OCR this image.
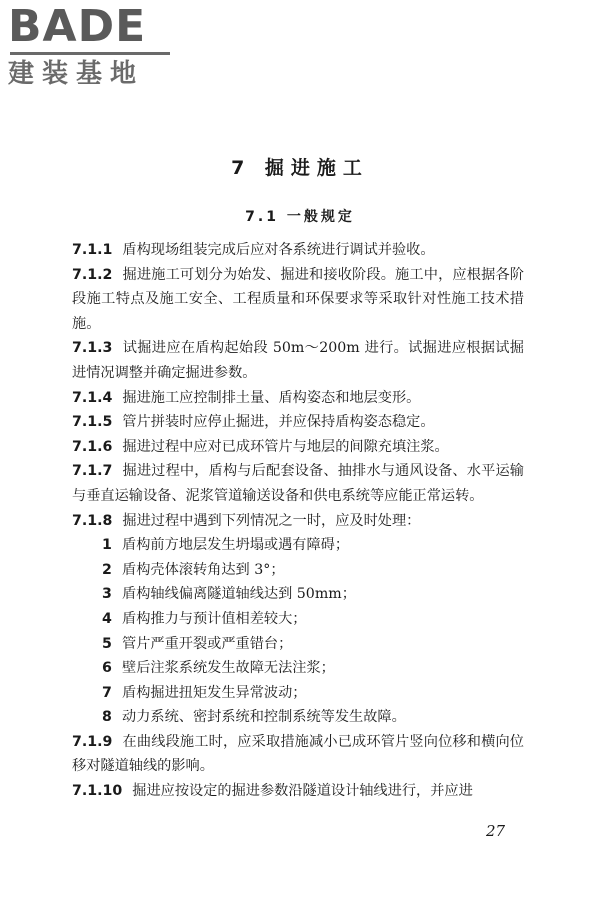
BADE
建装基地
7 掘进施工
7.1 一般规定

7.1.1 盾构现场组装完成后应对各系统进行调试并验收。

7.1.2 掘进施工可划分为始发、掘进和接收阶段。施工中，应根据各阶段施工特点及施工安全、工程质量和环保要求等采取针对性施工技术措施。

7.1.3 试掘进应在盾构起始段 50m～200m 进行。试掘进应根据试掘进情况调整并确定掘进参数。

7.1.4 掘进施工应控制排土量、盾构姿态和地层变形。

7.1.5 管片拼装时应停止掘进，并应保持盾构姿态稳定。

7.1.6 掘进过程中应对已成环管片与地层的间隙充填注浆。

7.1.7 掘进过程中，盾构与后配套设备、抽排水与通风设备、水平运输与垂直运输设备、泥浆管道输送设备和供电系统等应能正常运转。

7.1.8 掘进过程中遇到下列情况之一时，应及时处理：

1 盾构前方地层发生坍塌或遇有障碍；

2 盾构壳体滚转角达到 3°；

3 盾构轴线偏离隧道轴线达到 50mm；

4 盾构推力与预计值相差较大；

5 管片严重开裂或严重错台；

6 壁后注浆系统发生故障无法注浆；

7 盾构掘进扭矩发生异常波动；

8 动力系统、密封系统和控制系统等发生故障。

7.1.9 在曲线段施工时，应采取措施减小已成环管片竖向位移和横向位移对隧道轴线的影响。

7.1.10 掘进应按设定的掘进参数沿隧道设计轴线进行，并应进

27
